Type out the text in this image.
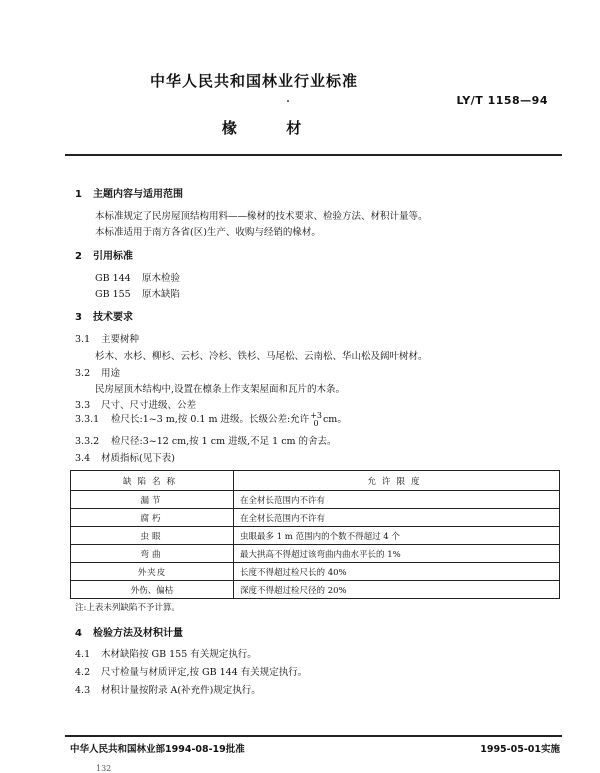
中华人民共和国林业行业标准
LY/T 1158—94
椽 材
1 主题内容与适用范围
本标准规定了民房屋顶结构用料——椽材的技术要求、检验方法、材积计量等。
本标准适用于南方各省(区)生产、收购与经销的椽材。
2 引用标准
GB 144 原木检验
GB 155 原木缺陷
3 技术要求
3.1 主要树种
杉木、水杉、柳杉、云杉、冷杉、铁杉、马尾松、云南松、华山松及阔叶树材。
3.2 用途
民房屋顶木结构中,设置在檩条上作支架屋面和瓦片的木条。
3.3 尺寸、尺寸进级、公差
3.3.1 检尺长:1~3 m,按 0.1 m 进级。长级公差:允许 +3
0 cm。
3.3.2 检尺径:3~12 cm,按 1 cm 进级,不足 1 cm 的舍去。
3.4 材质指标(见下表)
缺陷名称	允许限度
漏节	在全材长范围内不许有
腐朽	在全材长范围内不许有
虫眼	虫眼最多 1 m 范围内的个数不得超过 4 个
弯曲	最大拱高不得超过该弯曲内曲水平长的 1%
外夹皮	长度不得超过检尺长的 40%
外伤、偏枯	深度不得超过检尺径的 20%
注:上表未列缺陷不予计算。
4 检验方法及材积计量
4.1 木材缺陷按 GB 155 有关规定执行。
4.2 尺寸检量与材质评定,按 GB 144 有关规定执行。
4.3 材积计量按附录 A(补充件)规定执行。
中华人民共和国林业部1994-08-19批准	1995-05-01实施
132
